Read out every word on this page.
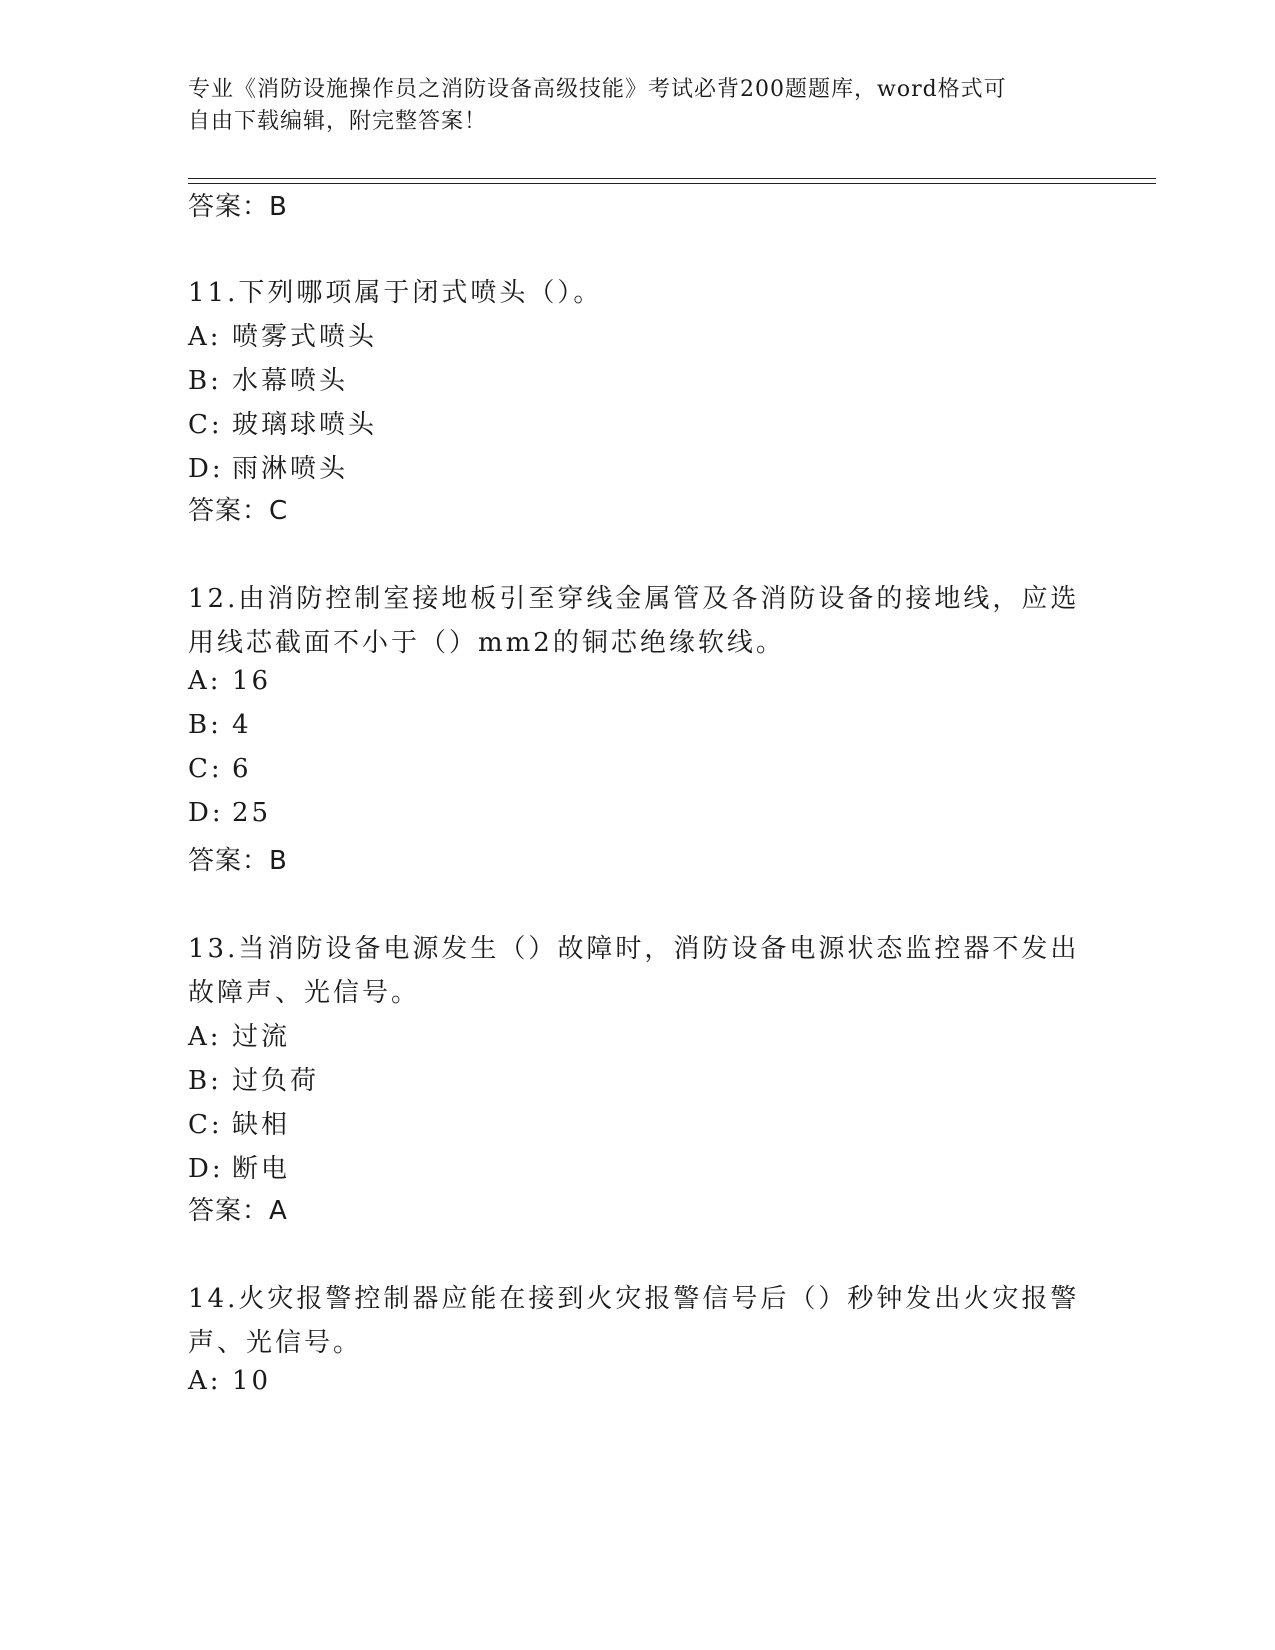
专业《消防设施操作员之消防设备高级技能》考试必背200题题库，word格式可
自由下载编辑，附完整答案！
答案：B
11.下列哪项属于闭式喷头（）。
A: 喷雾式喷头
B: 水幕喷头
C: 玻璃球喷头
D: 雨淋喷头
答案：C
12.由消防控制室接地板引至穿线金属管及各消防设备的接地线，应选
用线芯截面不小于（）mm2的铜芯绝缘软线。
A: 16
B: 4
C: 6
D: 25
答案：B
13.当消防设备电源发生（）故障时，消防设备电源状态监控器不发出
故障声、光信号。
A: 过流
B: 过负荷
C: 缺相
D: 断电
答案：A
14.火灾报警控制器应能在接到火灾报警信号后（）秒钟发出火灾报警
声、光信号。
A: 10
